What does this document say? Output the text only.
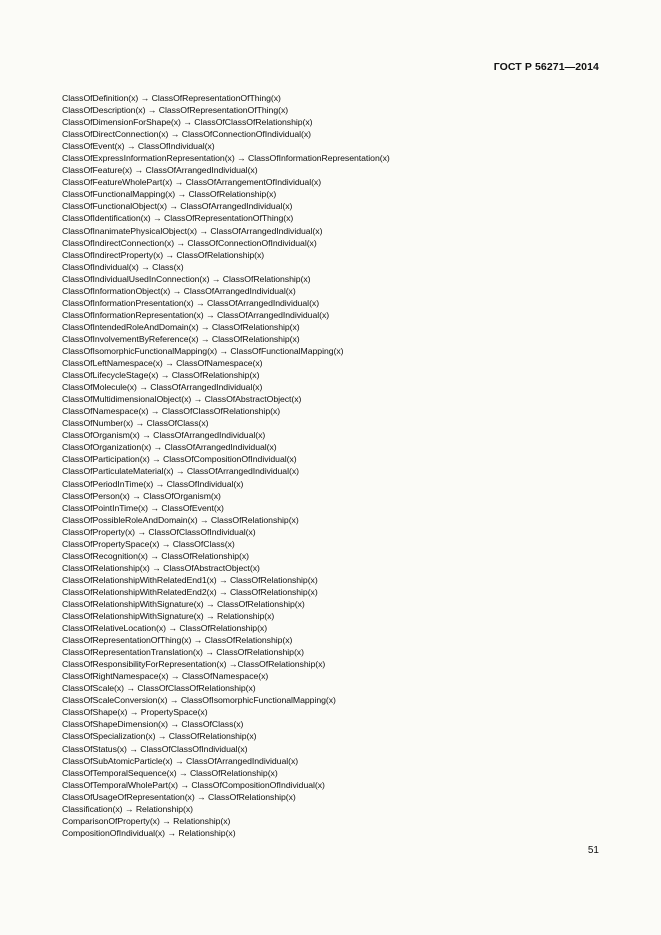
ГОСТ Р 56271—2014
ClassOfDefinition(x) → ClassOfRepresentationOfThing(x)
ClassOfDescription(x) → ClassOfRepresentationOfThing(x)
ClassOfDimensionForShape(x) → ClassOfClassOfRelationship(x)
ClassOfDirectConnection(x) → ClassOfConnectionOfIndividual(x)
ClassOfEvent(x) → ClassOfIndividual(x)
ClassOfExpressInformationRepresentation(x) → ClassOfInformationRepresentation(x)
ClassOfFeature(x) → ClassOfArrangedIndividual(x)
ClassOfFeatureWholePart(x) → ClassOfArrangementOfIndividual(x)
ClassOfFunctionalMapping(x) → ClassOfRelationship(x)
ClassOfFunctionalObject(x) → ClassOfArrangedIndividual(x)
ClassOfIdentification(x) → ClassOfRepresentationOfThing(x)
ClassOfInanimatePhysicalObject(x) → ClassOfArrangedIndividual(x)
ClassOfIndirectConnection(x) → ClassOfConnectionOfIndividual(x)
ClassOfIndirectProperty(x) → ClassOfRelationship(x)
ClassOfIndividual(x) → Class(x)
ClassOfIndividualUsedInConnection(x) → ClassOfRelationship(x)
ClassOfInformationObject(x) → ClassOfArrangedIndividual(x)
ClassOfInformationPresentation(x) → ClassOfArrangedIndividual(x)
ClassOfInformationRepresentation(x) → ClassOfArrangedIndividual(x)
ClassOfIntendedRoleAndDomain(x) → ClassOfRelationship(x)
ClassOfInvolvementByReference(x) → ClassOfRelationship(x)
ClassOfIsomorphicFunctionalMapping(x) → ClassOfFunctionalMapping(x)
ClassOfLeftNamespace(x) → ClassOfNamespace(x)
ClassOfLifecycleStage(x) → ClassOfRelationship(x)
ClassOfMolecule(x) → ClassOfArrangedIndividual(x)
ClassOfMultidimensionalObject(x) → ClassOfAbstractObject(x)
ClassOfNamespace(x) → ClassOfClassOfRelationship(x)
ClassOfNumber(x) → ClassOfClass(x)
ClassOfOrganism(x) → ClassOfArrangedIndividual(x)
ClassOfOrganization(x) → ClassOfArrangedIndividual(x)
ClassOfParticipation(x) → ClassOfCompositionOfIndividual(x)
ClassOfParticulateMaterial(x) → ClassOfArrangedIndividual(x)
ClassOfPeriodInTime(x) → ClassOfIndividual(x)
ClassOfPerson(x) → ClassOfOrganism(x)
ClassOfPointInTime(x) → ClassOfEvent(x)
ClassOfPossibleRoleAndDomain(x) → ClassOfRelationship(x)
ClassOfProperty(x) → ClassOfClassOfIndividual(x)
ClassOfPropertySpace(x) → ClassOfClass(x)
ClassOfRecognition(x) → ClassOfRelationship(x)
ClassOfRelationship(x) → ClassOfAbstractObject(x)
ClassOfRelationshipWithRelatedEnd1(x) → ClassOfRelationship(x)
ClassOfRelationshipWithRelatedEnd2(x) → ClassOfRelationship(x)
ClassOfRelationshipWithSignature(x) → ClassOfRelationship(x)
ClassOfRelationshipWithSignature(x) → Relationship(x)
ClassOfRelativeLocation(x) → ClassOfRelationship(x)
ClassOfRepresentationOfThing(x) → ClassOfRelationship(x)
ClassOfRepresentationTranslation(x) → ClassOfRelationship(x)
ClassOfResponsibilityForRepresentation(x) →ClassOfRelationship(x)
ClassOfRightNamespace(x) → ClassOfNamespace(x)
ClassOfScale(x) → ClassOfClassOfRelationship(x)
ClassOfScaleConversion(x) → ClassOfIsomorphicFunctionalMapping(x)
ClassOfShape(x) → PropertySpace(x)
ClassOfShapeDimension(x) → ClassOfClass(x)
ClassOfSpecialization(x) → ClassOfRelationship(x)
ClassOfStatus(x) → ClassOfClassOfIndividual(x)
ClassOfSubAtomicParticle(x) → ClassOfArrangedIndividual(x)
ClassOfTemporalSequence(x) → ClassOfRelationship(x)
ClassOfTemporalWholePart(x) → ClassOfCompositionOfIndividual(x)
ClassOfUsageOfRepresentation(x) → ClassOfRelationship(x)
Classification(x) → Relationship(x)
ComparisonOfProperty(x) → Relationship(x)
CompositionOfIndividual(x) → Relationship(x)
51
